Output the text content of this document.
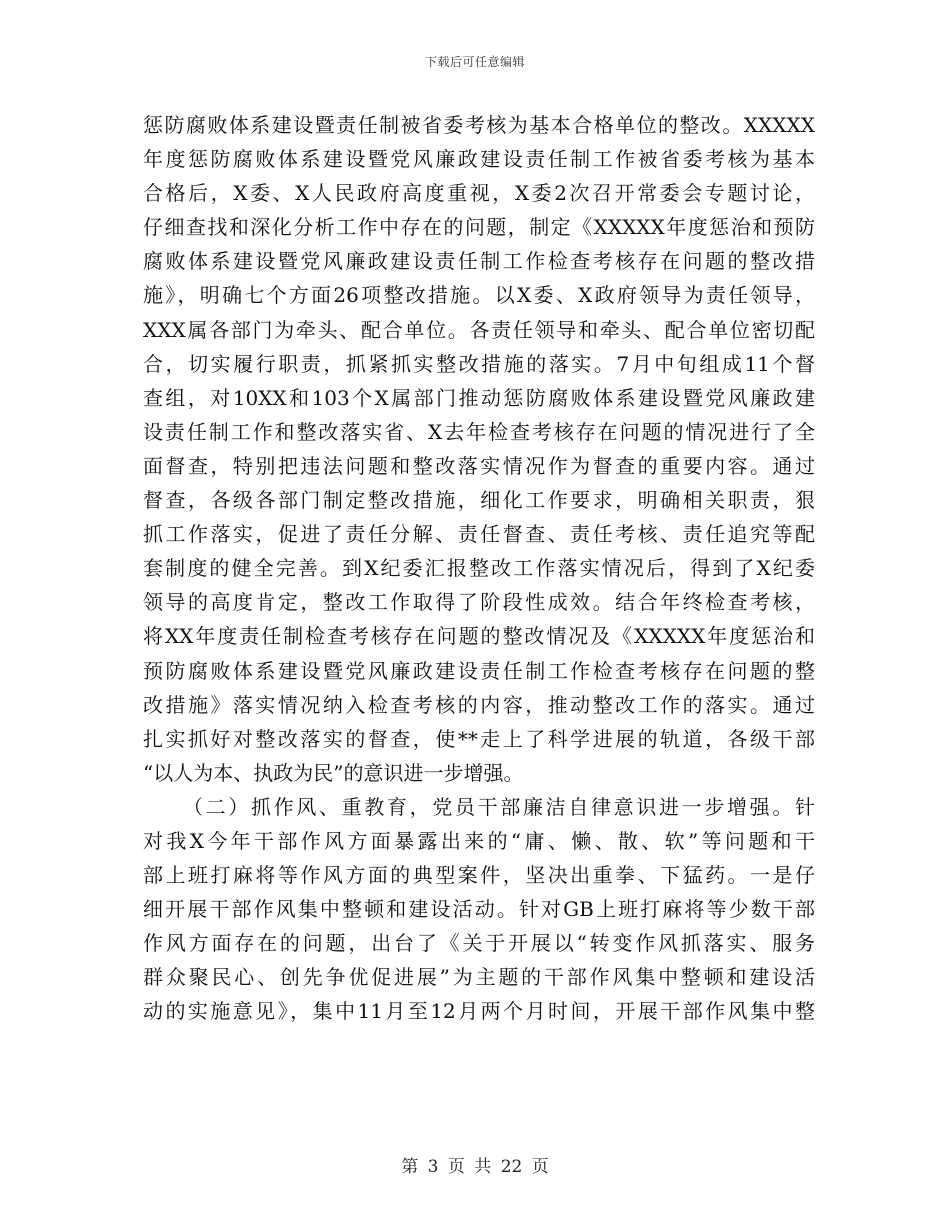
下载后可任意编辑
惩防腐败体系建设暨责任制被省委考核为基本合格单位的整改。XXXXX
年度惩防腐败体系建设暨党风廉政建设责任制工作被省委考核为基本
合格后，X委、X人民政府高度重视，X委2次召开常委会专题讨论，
仔细查找和深化分析工作中存在的问题，制定《XXXXX年度惩治和预防
腐败体系建设暨党风廉政建设责任制工作检查考核存在问题的整改措
施》，明确七个方面26项整改措施。以X委、X政府领导为责任领导，
XXX属各部门为牵头、配合单位。各责任领导和牵头、配合单位密切配
合，切实履行职责，抓紧抓实整改措施的落实。7月中旬组成11个督
查组，对10XX和103个X属部门推动惩防腐败体系建设暨党风廉政建
设责任制工作和整改落实省、X去年检查考核存在问题的情况进行了全
面督查，特别把违法问题和整改落实情况作为督查的重要内容。通过
督查，各级各部门制定整改措施，细化工作要求，明确相关职责，狠
抓工作落实，促进了责任分解、责任督查、责任考核、责任追究等配
套制度的健全完善。到X纪委汇报整改工作落实情况后，得到了X纪委
领导的高度肯定，整改工作取得了阶段性成效。结合年终检查考核，
将XX年度责任制检查考核存在问题的整改情况及《XXXXX年度惩治和
预防腐败体系建设暨党风廉政建设责任制工作检查考核存在问题的整
改措施》落实情况纳入检查考核的内容，推动整改工作的落实。通过
扎实抓好对整改落实的督查，使**走上了科学进展的轨道，各级干部
“以人为本、执政为民”的意识进一步增强。
（二）抓作风、重教育，党员干部廉洁自律意识进一步增强。针
对我X今年干部作风方面暴露出来的“庸、懒、散、软”等问题和干
部上班打麻将等作风方面的典型案件，坚决出重拳、下猛药。一是仔
细开展干部作风集中整顿和建设活动。针对GB上班打麻将等少数干部
作风方面存在的问题，出台了《关于开展以“转变作风抓落实、服务
群众聚民心、创先争优促进展”为主题的干部作风集中整顿和建设活
动的实施意见》，集中11月至12月两个月时间，开展干部作风集中整
第 3 页 共 22 页
